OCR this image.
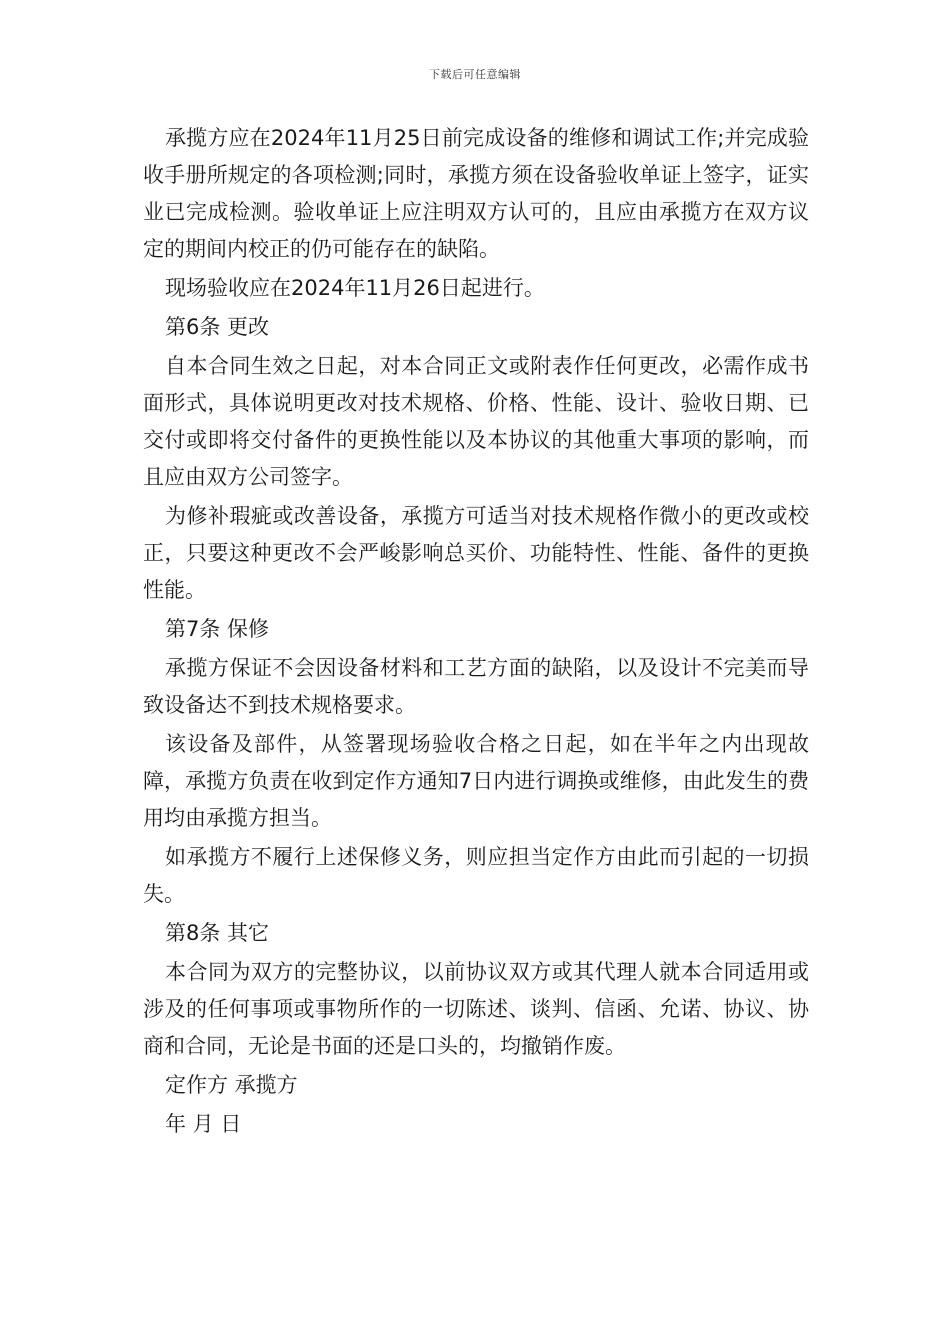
下载后可任意编辑

承揽方应在2024年11月25日前完成设备的维修和调试工作;并完成验收手册所规定的各项检测;同时，承揽方须在设备验收单证上签字，证实业已完成检测。验收单证上应注明双方认可的，且应由承揽方在双方议定的期间内校正的仍可能存在的缺陷。

现场验收应在2024年11月26日起进行。

第6条 更改

自本合同生效之日起，对本合同正文或附表作任何更改，必需作成书面形式，具体说明更改对技术规格、价格、性能、设计、验收日期、已交付或即将交付备件的更换性能以及本协议的其他重大事项的影响，而且应由双方公司签字。

为修补瑕疵或改善设备，承揽方可适当对技术规格作微小的更改或校正，只要这种更改不会严峻影响总买价、功能特性、性能、备件的更换性能。

第7条 保修

承揽方保证不会因设备材料和工艺方面的缺陷，以及设计不完美而导致设备达不到技术规格要求。

该设备及部件，从签署现场验收合格之日起，如在半年之内出现故障，承揽方负责在收到定作方通知7日内进行调换或维修，由此发生的费用均由承揽方担当。

如承揽方不履行上述保修义务，则应担当定作方由此而引起的一切损失。

第8条 其它

本合同为双方的完整协议，以前协议双方或其代理人就本合同适用或涉及的任何事项或事物所作的一切陈述、谈判、信函、允诺、协议、协商和合同，无论是书面的还是口头的，均撤销作废。

定作方 承揽方

年 月 日
